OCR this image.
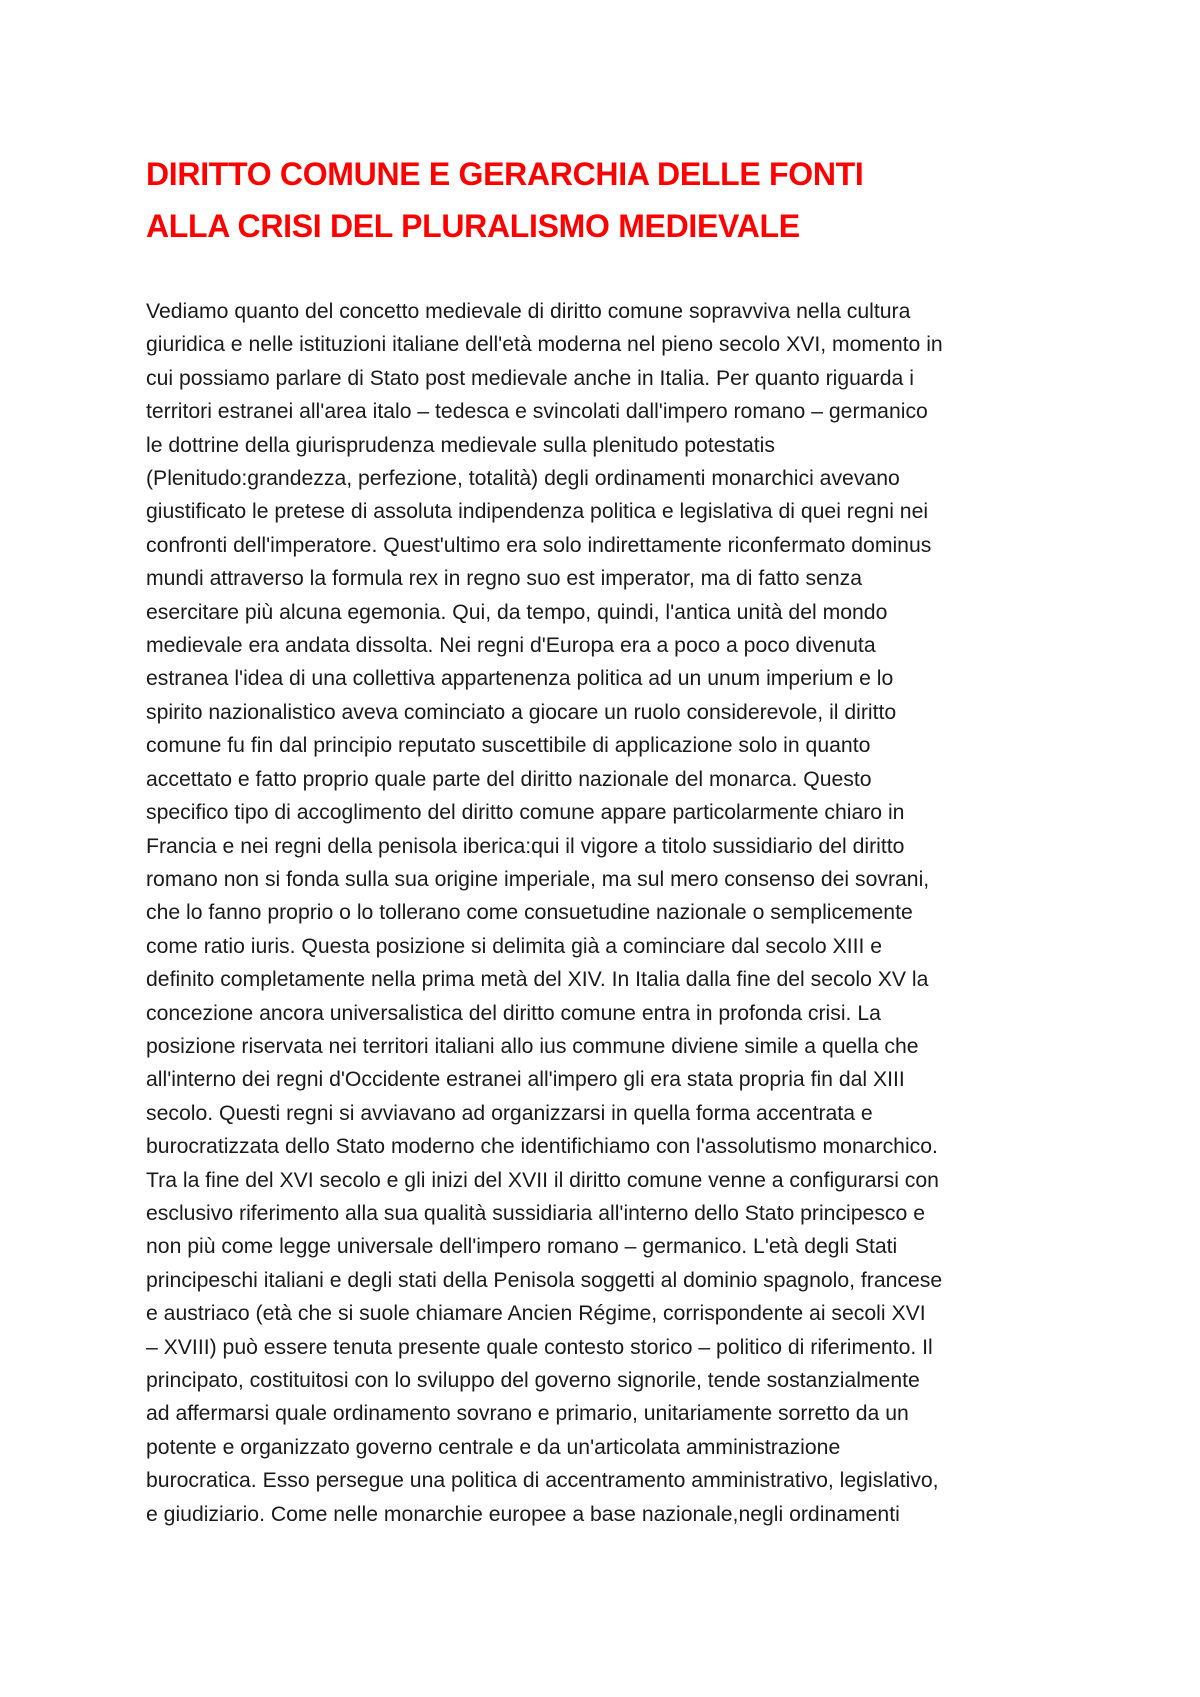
DIRITTO COMUNE E GERARCHIA DELLE FONTI
ALLA CRISI DEL PLURALISMO MEDIEVALE
Vediamo quanto del concetto medievale di diritto comune sopravviva nella cultura
giuridica e nelle istituzioni italiane dell'età moderna nel pieno secolo XVI, momento in
cui possiamo parlare di Stato post medievale anche in Italia. Per quanto riguarda i
territori estranei all'area italo – tedesca e svincolati dall'impero romano – germanico
le dottrine della giurisprudenza medievale sulla plenitudo potestatis
(Plenitudo:grandezza, perfezione, totalità) degli ordinamenti monarchici avevano
giustificato le pretese di assoluta indipendenza politica e legislativa di quei regni nei
confronti dell'imperatore. Quest'ultimo era solo indirettamente riconfermato dominus
mundi attraverso la formula rex in regno suo est imperator, ma di fatto senza
esercitare più alcuna egemonia. Qui, da tempo, quindi, l'antica unità del mondo
medievale era andata dissolta. Nei regni d'Europa era a poco a poco divenuta
estranea l'idea di una collettiva appartenenza politica ad un unum imperium e lo
spirito nazionalistico aveva cominciato a giocare un ruolo considerevole, il diritto
comune fu fin dal principio reputato suscettibile di applicazione solo in quanto
accettato e fatto proprio quale parte del diritto nazionale del monarca. Questo
specifico tipo di accoglimento del diritto comune appare particolarmente chiaro in
Francia e nei regni della penisola iberica:qui il vigore a titolo sussidiario del diritto
romano non si fonda sulla sua origine imperiale, ma sul mero consenso dei sovrani,
che lo fanno proprio o lo tollerano come consuetudine nazionale o semplicemente
come ratio iuris. Questa posizione si delimita già a cominciare dal secolo XIII e
definito completamente nella prima metà del XIV. In Italia dalla fine del secolo XV la
concezione ancora universalistica del diritto comune entra in profonda crisi. La
posizione riservata nei territori italiani allo ius commune diviene simile a quella che
all'interno dei regni d'Occidente estranei all'impero gli era stata propria fin dal XIII
secolo. Questi regni si avviavano ad organizzarsi in quella forma accentrata e
burocratizzata dello Stato moderno che identifichiamo con l'assolutismo monarchico.
Tra la fine del XVI secolo e gli inizi del XVII il diritto comune venne a configurarsi con
esclusivo riferimento alla sua qualità sussidiaria all'interno dello Stato principesco e
non più come legge universale dell'impero romano – germanico. L'età degli Stati
principeschi italiani e degli stati della Penisola soggetti al dominio spagnolo, francese
e austriaco (età che si suole chiamare Ancien Régime, corrispondente ai secoli XVI
– XVIII) può essere tenuta presente quale contesto storico – politico di riferimento. Il
principato, costituitosi con lo sviluppo del governo signorile, tende sostanzialmente
ad affermarsi quale ordinamento sovrano e primario, unitariamente sorretto da un
potente e organizzato governo centrale e da un'articolata amministrazione
burocratica. Esso persegue una politica di accentramento amministrativo, legislativo,
e giudiziario. Come nelle monarchie europee a base nazionale,negli ordinamenti
